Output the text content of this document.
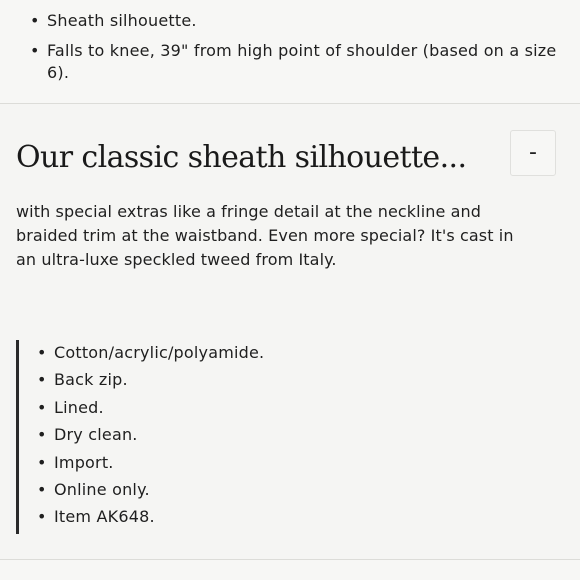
• Sheath silhouette.
• Falls to knee, 39" from high point of shoulder (based on a size 6).
Our classic sheath silhouette...	-

with special extras like a fringe detail at the neckline and braided trim at the waistband. Even more special? It's cast in an ultra-luxe speckled tweed from Italy.

• Cotton/acrylic/polyamide.
• Back zip.
• Lined.
• Dry clean.
• Import.
• Online only.
• Item AK648.
